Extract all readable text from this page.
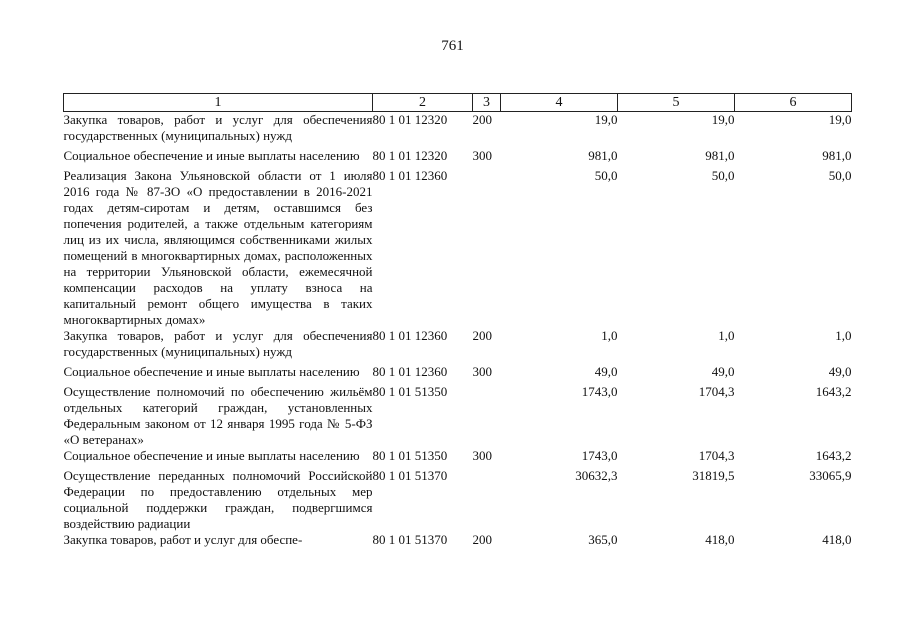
761
1	2	3	4	5	6
Закупка товаров, работ и услуг для обеспечения государственных (муниципальных) нужд	80 1 01 12320	200	19,0	19,0	19,0
Социальное обеспечение и иные выплаты населению	80 1 01 12320	300	981,0	981,0	981,0
Реализация Закона Ульяновской области от 1 июля 2016 года № 87-ЗО «О предоставлении в 2016-2021 годах детям-сиротам и детям, оставшимся без попечения родителей, а также отдельным категориям лиц из их числа, являющимся собственниками жилых помещений в многоквартирных домах, расположенных на территории Ульяновской области, ежемесячной компенсации расходов на уплату взноса на капитальный ремонт общего имущества в таких многоквартирных домах»	80 1 01 12360		50,0	50,0	50,0
Закупка товаров, работ и услуг для обеспечения государственных (муниципальных) нужд	80 1 01 12360	200	1,0	1,0	1,0
Социальное обеспечение и иные выплаты населению	80 1 01 12360	300	49,0	49,0	49,0
Осуществление полномочий по обеспечению жильём отдельных категорий граждан, установленных Федеральным законом от 12 января 1995 года № 5-ФЗ «О ветеранах»	80 1 01 51350		1743,0	1704,3	1643,2
Социальное обеспечение и иные выплаты населению	80 1 01 51350	300	1743,0	1704,3	1643,2
Осуществление переданных полномочий Российской Федерации по предоставлению отдельных мер социальной поддержки граждан, подвергшимся воздействию радиации	80 1 01 51370		30632,3	31819,5	33065,9
Закупка товаров, работ и услуг для обеспе-	80 1 01 51370	200	365,0	418,0	418,0
